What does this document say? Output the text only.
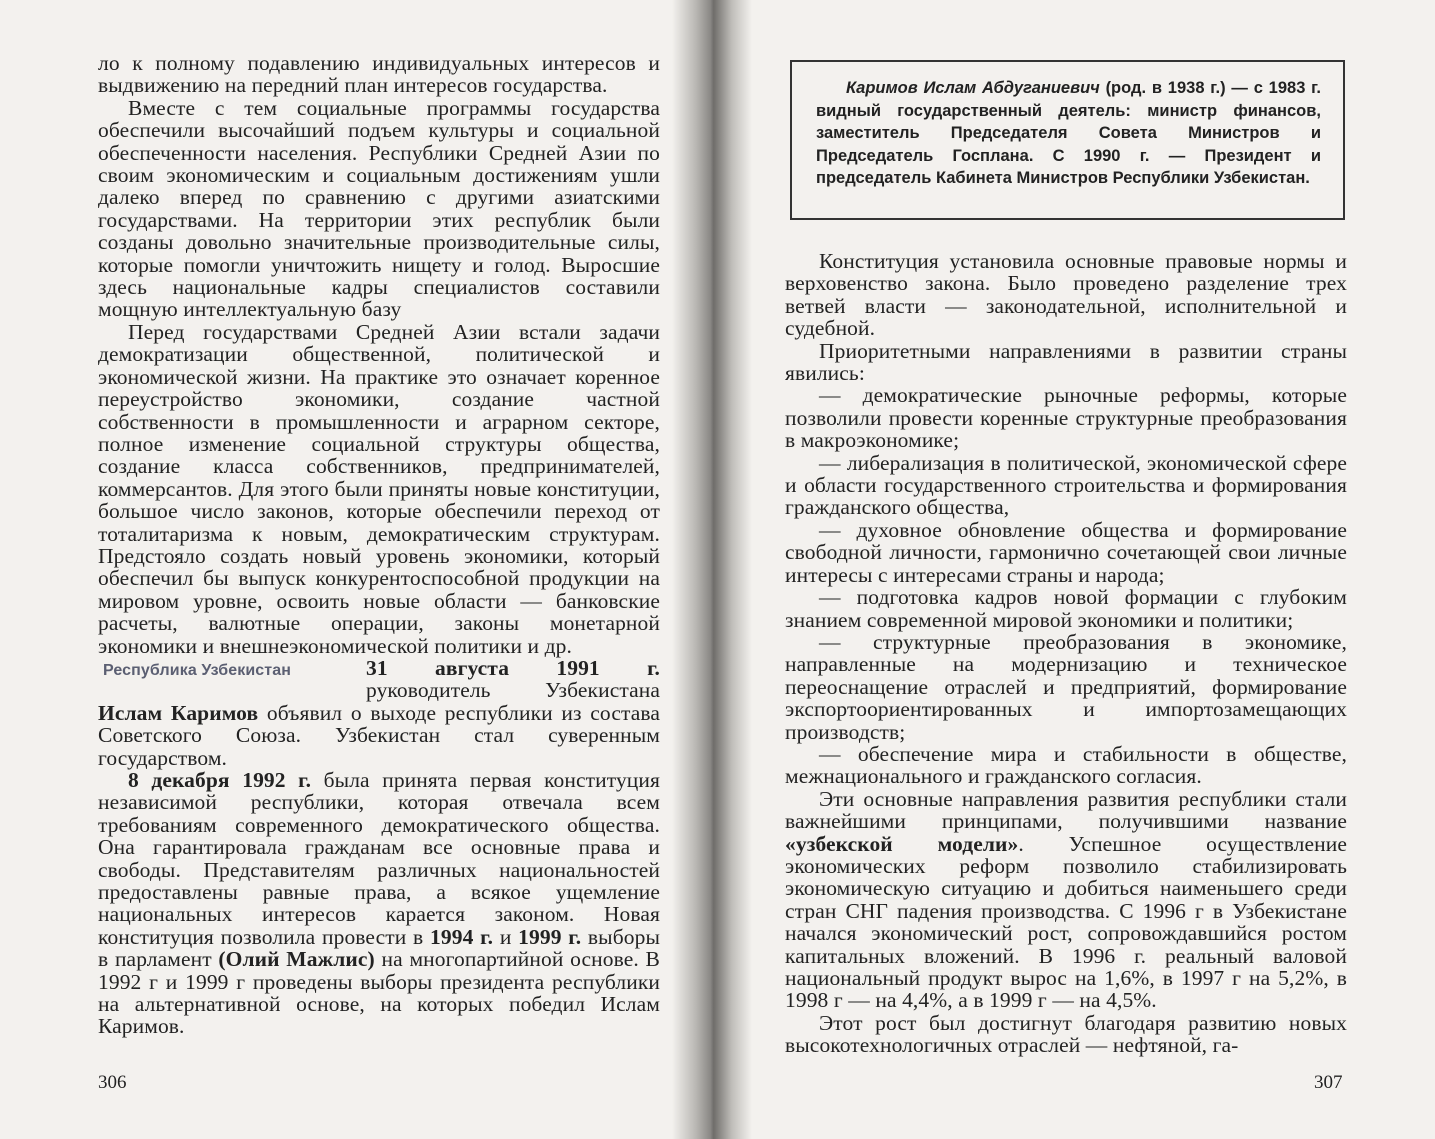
ло к полному подавлению индивидуальных интересов и выдвижению на передний план интересов государства.

Вместе с тем социальные программы государства обеспечили высочайший подъем культуры и социальной обеспеченности населения. Республики Средней Азии по своим экономическим и социальным достижениям ушли далеко вперед по сравнению с другими азиатскими государствами. На территории этих республик были созданы довольно значительные производительные силы, которые помогли уничтожить нищету и голод. Выросшие здесь национальные кадры специалистов составили мощную интеллектуальную базу

Перед государствами Средней Азии встали задачи демократизации общественной, политической и экономической жизни. На практике это означает коренное переустройство экономики, создание частной собственности в промышленности и аграрном секторе, полное изменение социальной структуры общества, создание класса собственников, предпринимателей, коммерсантов. Для этого были приняты новые конституции, большое число законов, которые обеспечили переход от тоталитаризма к новым, демократическим структурам. Предстояло создать новый уровень экономики, который обеспечил бы выпуск конкурентоспособной продукции на мировом уровне, освоить новые области — банковские расчеты, валютные операции, законы монетарной экономики и внешнеэкономической политики и др.

Республика Узбекистан	31 августа 1991 г. руководитель Узбекистана Ислам Каримов объявил о выходе республики из состава Советского Союза. Узбекистан стал суверенным государством.

8 декабря 1992 г. была принята первая конституция независимой республики, которая отвечала всем требованиям современного демократического общества. Она гарантировала гражданам все основные права и свободы. Представителям различных национальностей предоставлены равные права, а всякое ущемление национальных интересов карается законом. Новая конституция позволила провести в 1994 г. и 1999 г. выборы в парламент (Олий Мажлис) на многопартийной основе. В 1992 г и 1999 г проведены выборы президента республики на альтернативной основе, на которых победил Ислам Каримов.

306
Каримов Ислам Абдуганиевич (род. в 1938 г.) — с 1983 г. видный государственный деятель: министр финансов, заместитель Председателя Совета Министров и Председатель Госплана. С 1990 г. — Президент и председатель Кабинета Министров Республики Узбекистан.

Конституция установила основные правовые нормы и верховенство закона. Было проведено разделение трех ветвей власти — законодательной, исполнительной и судебной.

Приоритетными направлениями в развитии страны явились:

— демократические рыночные реформы, которые позволили провести коренные структурные преобразования в макроэкономике;

— либерализация в политической, экономической сфере и области государственного строительства и формирования гражданского общества,

— духовное обновление общества и формирование свободной личности, гармонично сочетающей свои личные интересы с интересами страны и народа;

— подготовка кадров новой формации с глубоким знанием современной мировой экономики и политики;

— структурные преобразования в экономике, направленные на модернизацию и техническое переоснащение отраслей и предприятий, формирование экспортоориентированных и импортозамещающих производств;

— обеспечение мира и стабильности в обществе, межнационального и гражданского согласия.

Эти основные направления развития республики стали важнейшими принципами, получившими название «узбекской модели». Успешное осуществление экономических реформ позволило стабилизировать экономическую ситуацию и добиться наименьшего среди стран СНГ падения производства. С 1996 г в Узбекистане начался экономический рост, сопровождавшийся ростом капитальных вложений. В 1996 г. реальный валовой национальный продукт вырос на 1,6%, в 1997 г на 5,2%, в 1998 г — на 4,4%, а в 1999 г — на 4,5%.

Этот рост был достигнут благодаря развитию новых высокотехнологичных отраслей — нефтяной, га-

307
